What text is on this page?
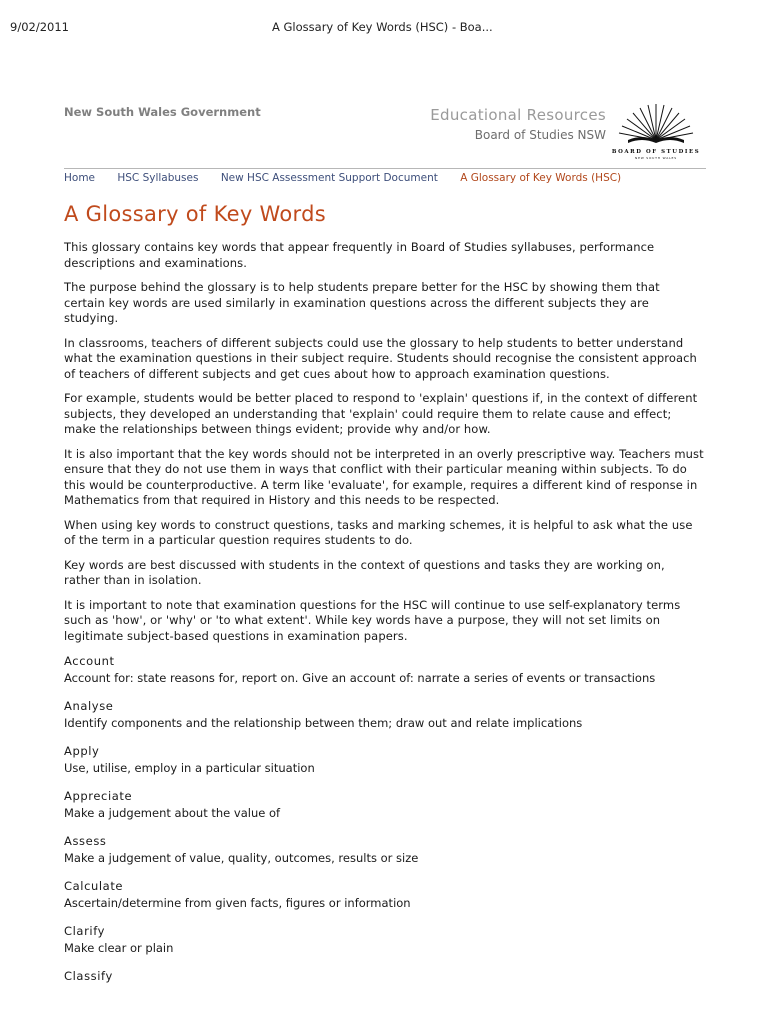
9/02/2011	A Glossary of Key Words (HSC) - Boa...
New South Wales Government	Educational Resources
Board of Studies NSW
BOARD OF STUDIES
NEW SOUTH WALES
Home HSC Syllabuses New HSC Assessment Support Document A Glossary of Key Words (HSC)
A Glossary of Key Words

This glossary contains key words that appear frequently in Board of Studies syllabuses, performance descriptions and examinations.

The purpose behind the glossary is to help students prepare better for the HSC by showing them that certain key words are used similarly in examination questions across the different subjects they are studying.

In classrooms, teachers of different subjects could use the glossary to help students to better understand what the examination questions in their subject require. Students should recognise the consistent approach of teachers of different subjects and get cues about how to approach examination questions.

For example, students would be better placed to respond to 'explain' questions if, in the context of different subjects, they developed an understanding that 'explain' could require them to relate cause and effect; make the relationships between things evident; provide why and/or how.

It is also important that the key words should not be interpreted in an overly prescriptive way. Teachers must ensure that they do not use them in ways that conflict with their particular meaning within subjects. To do this would be counterproductive. A term like 'evaluate', for example, requires a different kind of response in Mathematics from that required in History and this needs to be respected.

When using key words to construct questions, tasks and marking schemes, it is helpful to ask what the use of the term in a particular question requires students to do.

Key words are best discussed with students in the context of questions and tasks they are working on, rather than in isolation.

It is important to note that examination questions for the HSC will continue to use self-explanatory terms such as 'how', or 'why' or 'to what extent'. While key words have a purpose, they will not set limits on legitimate subject-based questions in examination papers.

Account
Account for: state reasons for, report on. Give an account of: narrate a series of events or transactions
Analyse
Identify components and the relationship between them; draw out and relate implications
Apply
Use, utilise, employ in a particular situation
Appreciate
Make a judgement about the value of
Assess
Make a judgement of value, quality, outcomes, results or size
Calculate
Ascertain/determine from given facts, figures or information
Clarify
Make clear or plain
Classify
